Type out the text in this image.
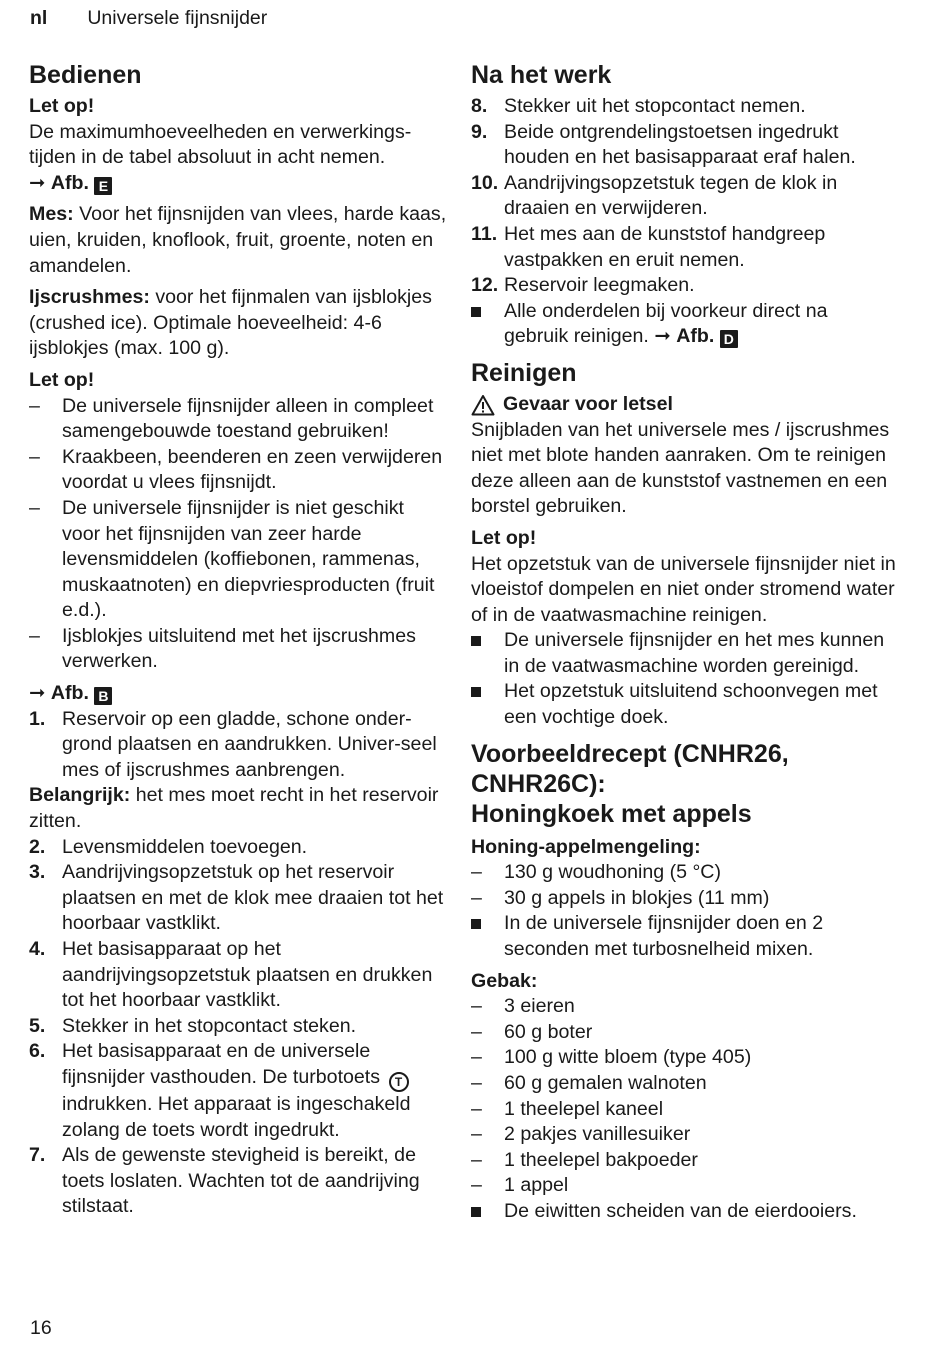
nl Universele fijnsnijder
Bedienen

Let op!

De maximumhoeveelheden en verwerkings-tijden in de tabel absoluut in acht nemen.

➞ Afb. E

Mes: Voor het fijnsnijden van vlees, harde kaas, uien, kruiden, knoflook, fruit, groente, noten en amandelen.

Ijscrushmes: voor het fijnmalen van ijsblokjes (crushed ice). Optimale hoeveelheid: 4-6 ijsblokjes (max. 100 g).

Let op!

–	De universele fijnsnijder alleen in compleet samengebouwde toestand gebruiken!
–	Kraakbeen, beenderen en zeen verwijderen voordat u vlees fijnsnijdt.
–	De universele fijnsnijder is niet geschikt voor het fijnsnijden van zeer harde levensmiddelen (koffiebonen, rammenas, muskaatnoten) en diepvriesproducten (fruit e.d.).
–	Ijsblokjes uitsluitend met het ijscrushmes verwerken.

➞ Afb. B

1. Reservoir op een gladde, schone onder-grond plaatsen en aandrukken. Univer-seel mes of ijscrushmes aanbrengen.

Belangrijk: het mes moet recht in het reservoir zitten.

2. Levensmiddelen toevoegen.
3. Aandrijvingsopzetstuk op het reservoir plaatsen en met de klok mee draaien tot het hoorbaar vastklikt.
4. Het basisapparaat op het aandrijvingsopzetstuk plaatsen en drukken tot het hoorbaar vastklikt.
5. Stekker in het stopcontact steken.
6. Het basisapparaat en de universele fijnsnijder vasthouden. De turbotoets T indrukken. Het apparaat is ingeschakeld zolang de toets wordt ingedrukt.
7. Als de gewenste stevigheid is bereikt, de toets loslaten. Wachten tot de aandrijving stilstaat.
Na het werk
8. Stekker uit het stopcontact nemen.
9. Beide ontgrendelingstoetsen ingedrukt houden en het basisapparaat eraf halen.
10. Aandrijvingsopzetstuk tegen de klok in draaien en verwijderen.
11. Het mes aan de kunststof handgreep vastpakken en eruit nemen.
12. Reservoir leegmaken.
Alle onderdelen bij voorkeur direct na gebruik reinigen. ➞ Afb. D
Reinigen
Gevaar voor letsel

Snijbladen van het universele mes / ijscrushmes niet met blote handen aanraken. Om te reinigen deze alleen aan de kunststof vastnemen en een borstel gebruiken.

Let op!

Het opzetstuk van de universele fijnsnijder niet in vloeistof dompelen en niet onder stromend water of in de vaatwasmachine reinigen.

De universele fijnsnijder en het mes kunnen in de vaatwasmachine worden gereinigd.
Het opzetstuk uitsluitend schoonvegen met een vochtige doek.
Voorbeeldrecept (CNHR26,
CNHR26C):
Honingkoek met appels

Honing-appelmengeling:

–	130 g woudhoning (5 °C)
–	30 g appels in blokjes (11 mm)
In de universele fijnsnijder doen en 2 seconden met turbosnelheid mixen.

Gebak:

–	3 eieren
–	60 g boter
–	100 g witte bloem (type 405)
–	60 g gemalen walnoten
–	1 theelepel kaneel
–	2 pakjes vanillesuiker
–	1 theelepel bakpoeder
–	1 appel
De eiwitten scheiden van de eierdooiers.
16
